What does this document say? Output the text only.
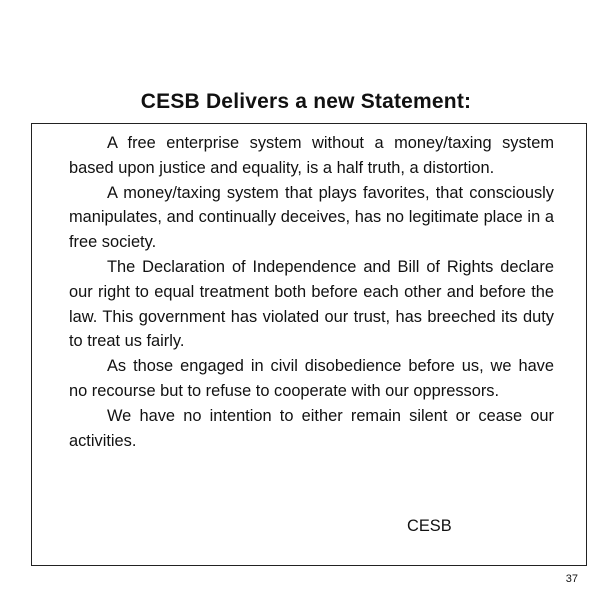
CESB Delivers a new Statement:

A free enterprise system without a money/taxing system based upon justice and equality, is a half truth, a distortion.

A money/taxing system that plays favorites, that consciously manipulates, and continually deceives, has no legitimate place in a free society.

The Declaration of Independence and Bill of Rights declare our right to equal treatment both before each other and before the law. This government has violated our trust, has breeched its duty to treat us fairly.

As those engaged in civil disobedience before us, we have no recourse but to refuse to cooperate with our oppressors.

We have no intention to either remain silent or cease our activities.

CESB
37
